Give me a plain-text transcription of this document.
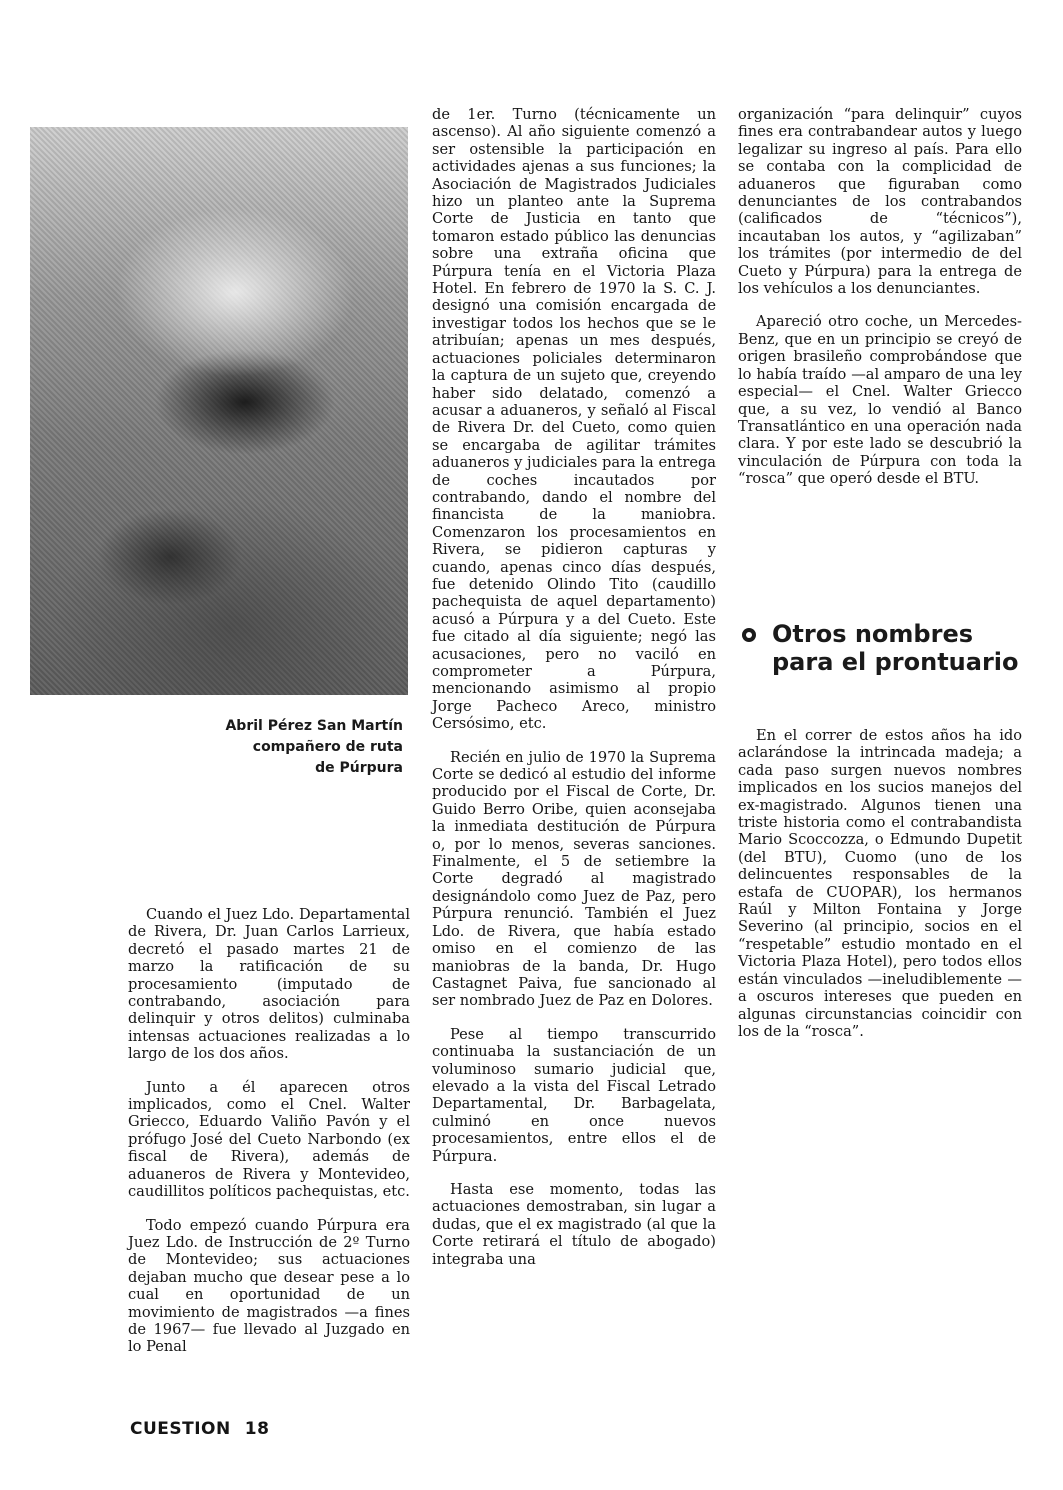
Abril Pérez San Martín
compañero de ruta
de Púrpura

Cuando el Juez Ldo. Departamental de Rivera, Dr. Juan Carlos Larrieux, decretó el pasado martes 21 de marzo la ratificación de su procesamiento (imputado de contrabando, asociación para delinquir y otros delitos) culminaba intensas actuaciones realizadas a lo largo de los dos años.

Junto a él aparecen otros implicados, como el Cnel. Walter Griecco, Eduardo Valiño Pavón y el prófugo José del Cueto Narbondo (ex fiscal de Rivera), además de aduaneros de Rivera y Montevideo, caudillitos políticos pachequistas, etc.

Todo empezó cuando Púrpura era Juez Ldo. de Instrucción de 2º Turno de Montevideo; sus actuaciones dejaban mucho que desear pese a lo cual en oportunidad de un movimiento de magistrados —a fines de 1967— fue llevado al Juzgado en lo Penal

de 1er. Turno (técnicamente un ascenso). Al año siguiente comenzó a ser ostensible la participación en actividades ajenas a sus funciones; la Asociación de Magistrados Judiciales hizo un planteo ante la Suprema Corte de Justicia en tanto que tomaron estado público las denuncias sobre una extraña oficina que Púrpura tenía en el Victoria Plaza Hotel. En febrero de 1970 la S. C. J. designó una comisión encargada de investigar todos los hechos que se le atribuían; apenas un mes después, actuaciones policiales determinaron la captura de un sujeto que, creyendo haber sido delatado, comenzó a acusar a aduaneros, y señaló al Fiscal de Rivera Dr. del Cueto, como quien se encargaba de agilitar trámites aduaneros y judiciales para la entrega de coches incautados por contrabando, dando el nombre del financista de la maniobra. Comenzaron los procesamientos en Rivera, se pidieron capturas y cuando, apenas cinco días después, fue detenido Olindo Tito (caudillo pachequista de aquel departamento) acusó a Púrpura y a del Cueto. Este fue citado al día siguiente; negó las acusaciones, pero no vaciló en comprometer a Púrpura, mencionando asimismo al propio Jorge Pacheco Areco, ministro Cersósimo, etc.

Recién en julio de 1970 la Suprema Corte se dedicó al estudio del informe producido por el Fiscal de Corte, Dr. Guido Berro Oribe, quien aconsejaba la inmediata destitución de Púrpura o, por lo menos, severas sanciones. Finalmente, el 5 de setiembre la Corte degradó al magistrado designándolo como Juez de Paz, pero Púrpura renunció. También el Juez Ldo. de Rivera, que había estado omiso en el comienzo de las maniobras de la banda, Dr. Hugo Castagnet Paiva, fue sancionado al ser nombrado Juez de Paz en Dolores.

Pese al tiempo transcurrido continuaba la sustanciación de un voluminoso sumario judicial que, elevado a la vista del Fiscal Letrado Departamental, Dr. Barbagelata, culminó en once nuevos procesamientos, entre ellos el de Púrpura.

Hasta ese momento, todas las actuaciones demostraban, sin lugar a dudas, que el ex magistrado (al que la Corte retirará el título de abogado) integraba una

organización “para delinquir” cuyos fines era contrabandear autos y luego legalizar su ingreso al país. Para ello se contaba con la complicidad de aduaneros que figuraban como denunciantes de los contrabandos (calificados de “técnicos”), incautaban los autos, y “agilizaban” los trámites (por intermedio de del Cueto y Púrpura) para la entrega de los vehículos a los denunciantes.

Apareció otro coche, un Mercedes-Benz, que en un principio se creyó de origen brasileño comprobándose que lo había traído —al amparo de una ley especial— el Cnel. Walter Griecco que, a su vez, lo vendió al Banco Transatlántico en una operación nada clara. Y por este lado se descubrió la vinculación de Púrpura con toda la “rosca” que operó desde el BTU.

Otros nombres para el prontuario

En el correr de estos años ha ido aclarándose la intrincada madeja; a cada paso surgen nuevos nombres implicados en los sucios manejos del ex-magistrado. Algunos tienen una triste historia como el contrabandista Mario Scoccozza, o Edmundo Dupetit (del BTU), Cuomo (uno de los delincuentes responsables de la estafa de CUOPAR), los hermanos Raúl y Milton Fontaina y Jorge Severino (al principio, socios en el “respetable” estudio montado en el Victoria Plaza Hotel), pero todos ellos están vinculados —ineludiblemente —a oscuros intereses que pueden en algunas circunstancias coincidir con los de la “rosca”.

CUESTION 18
